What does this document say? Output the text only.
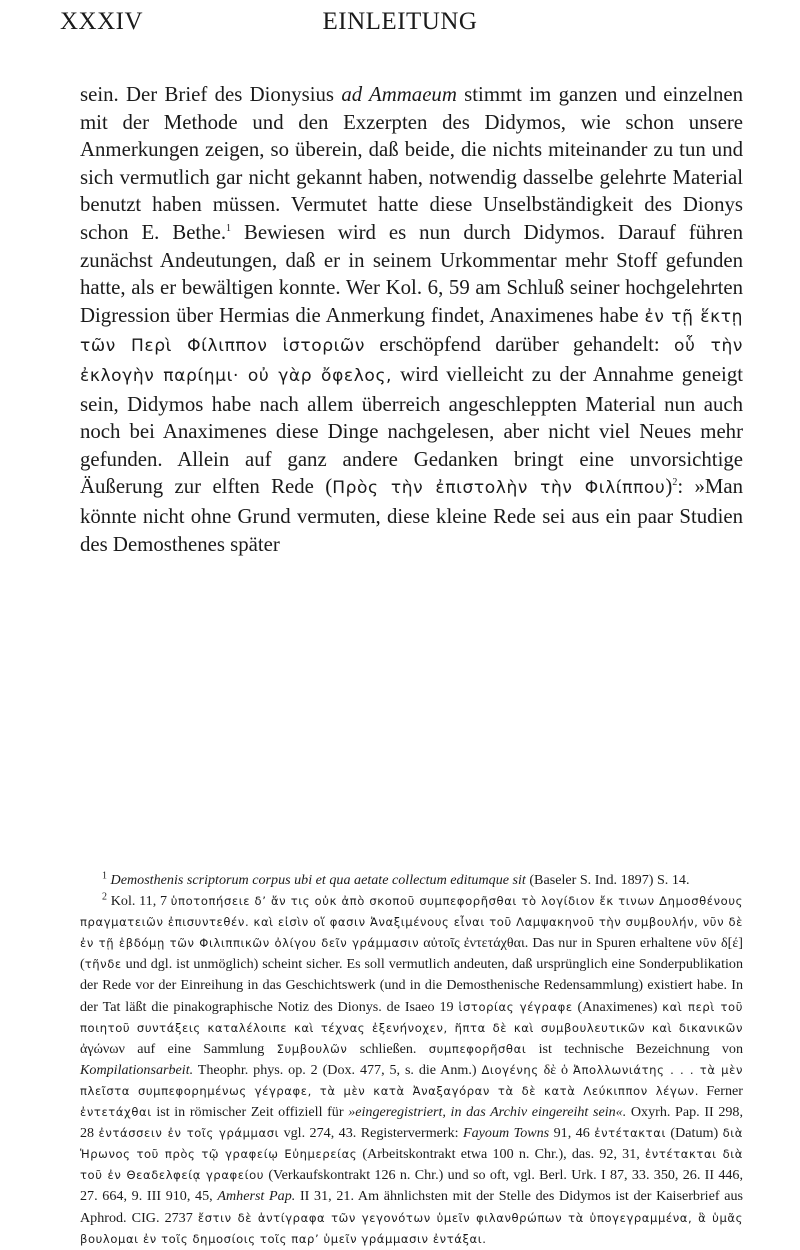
XXXIV	EINLEITUNG

sein. Der Brief des Dionysius ad Ammaeum stimmt im ganzen und einzelnen mit der Methode und den Exzerpten des Didymos, wie schon unsere Anmerkungen zeigen, so überein, daß beide, die nichts miteinander zu tun und sich vermutlich gar nicht gekannt haben, notwendig dasselbe gelehrte Material benutzt haben müssen. Vermutet hatte diese Unselbständigkeit des Dionys schon E. Bethe.$^1$ Bewiesen wird es nun durch Didymos. Darauf führen zunächst Andeutungen, daß er in seinem Urkommentar mehr Stoff gefunden hatte, als er bewältigen konnte. Wer Kol. 6, 59 am Schluß seiner hochgelehrten Digression über Hermias die Anmerkung findet, Anaximenes habe ἐν τῇ ἕκτῃ τῶν Περὶ Φίλιππον ἱστοριῶν erschöpfend darüber gehandelt: οὗ τὴν ἐκλογὴν παρίημι· οὐ γὰρ ὄφελος, wird vielleicht zu der Annahme geneigt sein, Didymos habe nach allem überreich angeschleppten Material nun auch noch bei Anaximenes diese Dinge nachgelesen, aber nicht viel Neues mehr gefunden. Allein auf ganz andere Gedanken bringt eine unvorsichtige Äußerung zur elften Rede (Πρὸς τὴν ἐπιστολὴν τὴν Φιλίππου)$^2$: »Man könnte nicht ohne Grund vermuten, diese kleine Rede sei aus ein paar Studien des Demosthenes später

$^1$ Demosthenis scriptorum corpus ubi et qua aetate collectum editumque sit (Baseler S. Ind. 1897) S. 14.

$^2$ Kol. 11, 7 ὑποτοπήσειε δ’ ἄν τις οὐκ ἀπὸ σκοποῦ συμπεφορῆσθαι τὸ λογίδιον ἔκ τινων Δημοσθένους πραγματειῶν ἐπισυντεθέν. καὶ εἰσὶν οἵ φασιν Ἀναξιμένους εἶναι τοῦ Λαμψακηνοῦ τὴν συμβουλήν, νῦν δὲ ἐν τῇ ἑβδόμῃ τῶν Φιλιππικῶν ὀλίγου δεῖν γράμμασιν αὐτοῖς ἐντετάχθαι. Das nur in Spuren erhaltene νῦν δ[έ] (τῆνδε und dgl. ist unmöglich) scheint sicher. Es soll vermutlich andeuten, daß ursprünglich eine Sonderpublikation der Rede vor der Einreihung in das Geschichtswerk (und in die Demosthenische Redensammlung) existiert habe. In der Tat läßt die pinakographische Notiz des Dionys. de Isaeo 19 ἱστορίας γέγραφε (Anaximenes) καὶ περὶ τοῦ ποιητοῦ συντάξεις καταλέλοιπε καὶ τέχνας ἐξενήνοχεν, ἥπτα δὲ καὶ συμβουλευτικῶν καὶ δικανικῶν ἀγώνων auf eine Sammlung Συμβουλῶν schließen. συμπεφορῆσθαι ist technische Bezeichnung von Kompilationsarbeit. Theophr. phys. op. 2 (Dox. 477, 5, s. die Anm.) Διογένης δὲ ὁ Ἀπολλωνιάτης . . . τὰ μὲν πλεῖστα συμπεφορημένως γέγραφε, τὰ μὲν κατὰ Ἀναξαγόραν τὰ δὲ κατὰ Λεύκιππον λέγων. Ferner ἐντετάχθαι ist in römischer Zeit offiziell für »eingeregistriert, in das Archiv eingereiht sein«. Oxyrh. Pap. II 298, 28 ἐντάσσειν ἐν τοῖς γράμμασι vgl. 274, 43. Registervermerk: Fayoum Towns 91, 46 ἐντέτακται (Datum) διὰ Ἡρωνος τοῦ πρὸς τῷ γραφείῳ Εὐημερείας (Arbeitskontrakt etwa 100 n. Chr.), das. 92, 31, ἐντέτακται διὰ τοῦ ἐν Θεαδελφείᾳ γραφείου (Verkaufskontrakt 126 n. Chr.) und so oft, vgl. Berl. Urk. I 87, 33. 350, 26. II 446, 27. 664, 9. III 910, 45, Amherst Pap. II 31, 21. Am ähnlichsten mit der Stelle des Didymos ist der Kaiserbrief aus Aphrod. CIG. 2737 ἔστιν δὲ ἀντίγραφα τῶν γεγονότων ὑμεῖν φιλανθρώπων τὰ ὑπογεγραμμένα, ἃ ὑμᾶς βουλομαι ἐν τοῖς δημοσίοις τοῖς παρ’ ὑμεῖν γράμμασιν ἐντάξαι.
